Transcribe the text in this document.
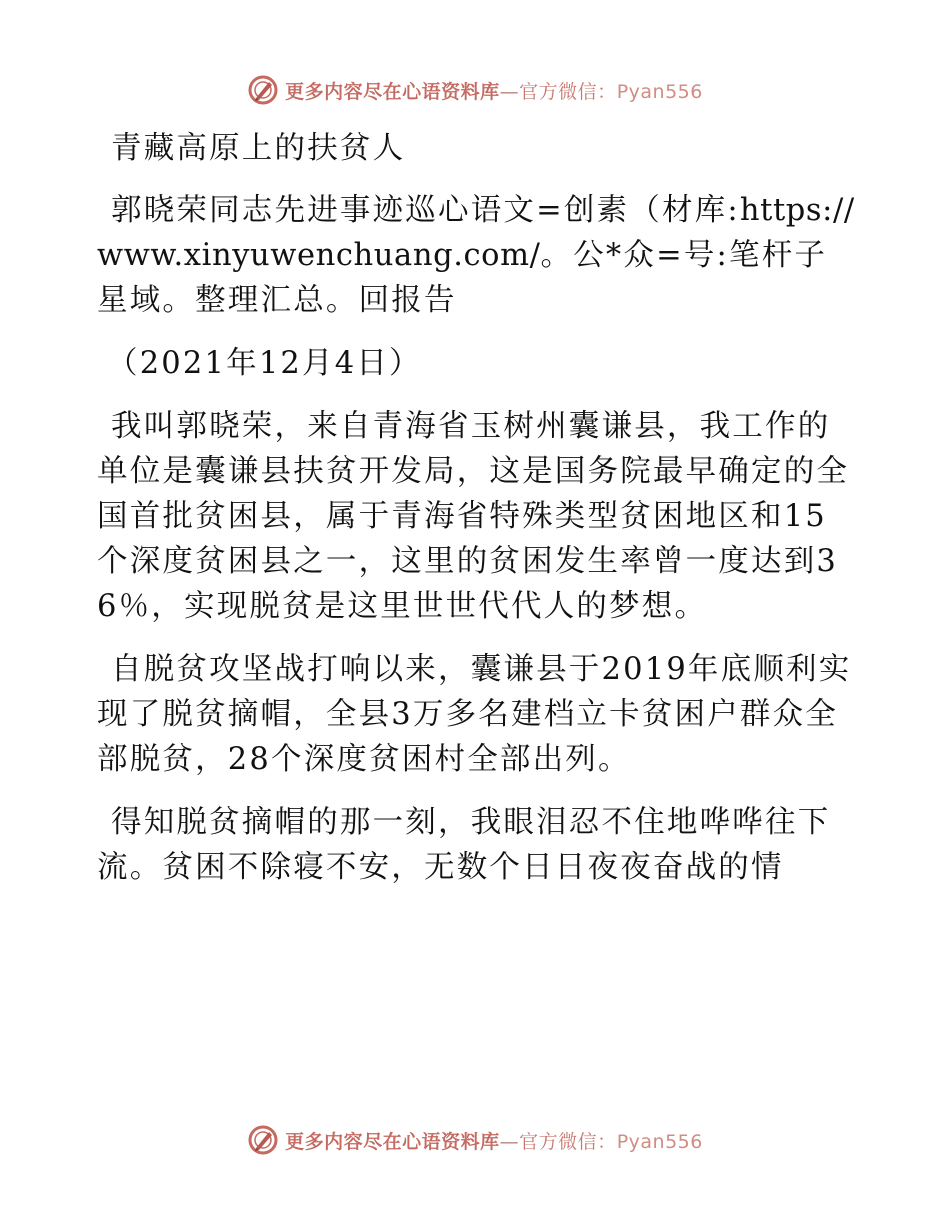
更多内容尽在心语资料库—官方微信：Pyan556

青藏高原上的扶贫人

郭晓荣同志先进事迹巡心语文=创素（材库:https://www.xinyuwenchuang.com/。公*众=号:笔杆子星域。整理汇总。回报告

（2021年12月4日）

我叫郭晓荣，来自青海省玉树州囊谦县，我工作的单位是囊谦县扶贫开发局，这是国务院最早确定的全国首批贫困县，属于青海省特殊类型贫困地区和15个深度贫困县之一，这里的贫困发生率曾一度达到36％，实现脱贫是这里世世代代人的梦想。

自脱贫攻坚战打响以来，囊谦县于2019年底顺利实现了脱贫摘帽，全县3万多名建档立卡贫困户群众全部脱贫，28个深度贫困村全部出列。

得知脱贫摘帽的那一刻，我眼泪忍不住地哗哗往下流。贫困不除寝不安，无数个日日夜夜奋战的情

更多内容尽在心语资料库—官方微信：Pyan556
